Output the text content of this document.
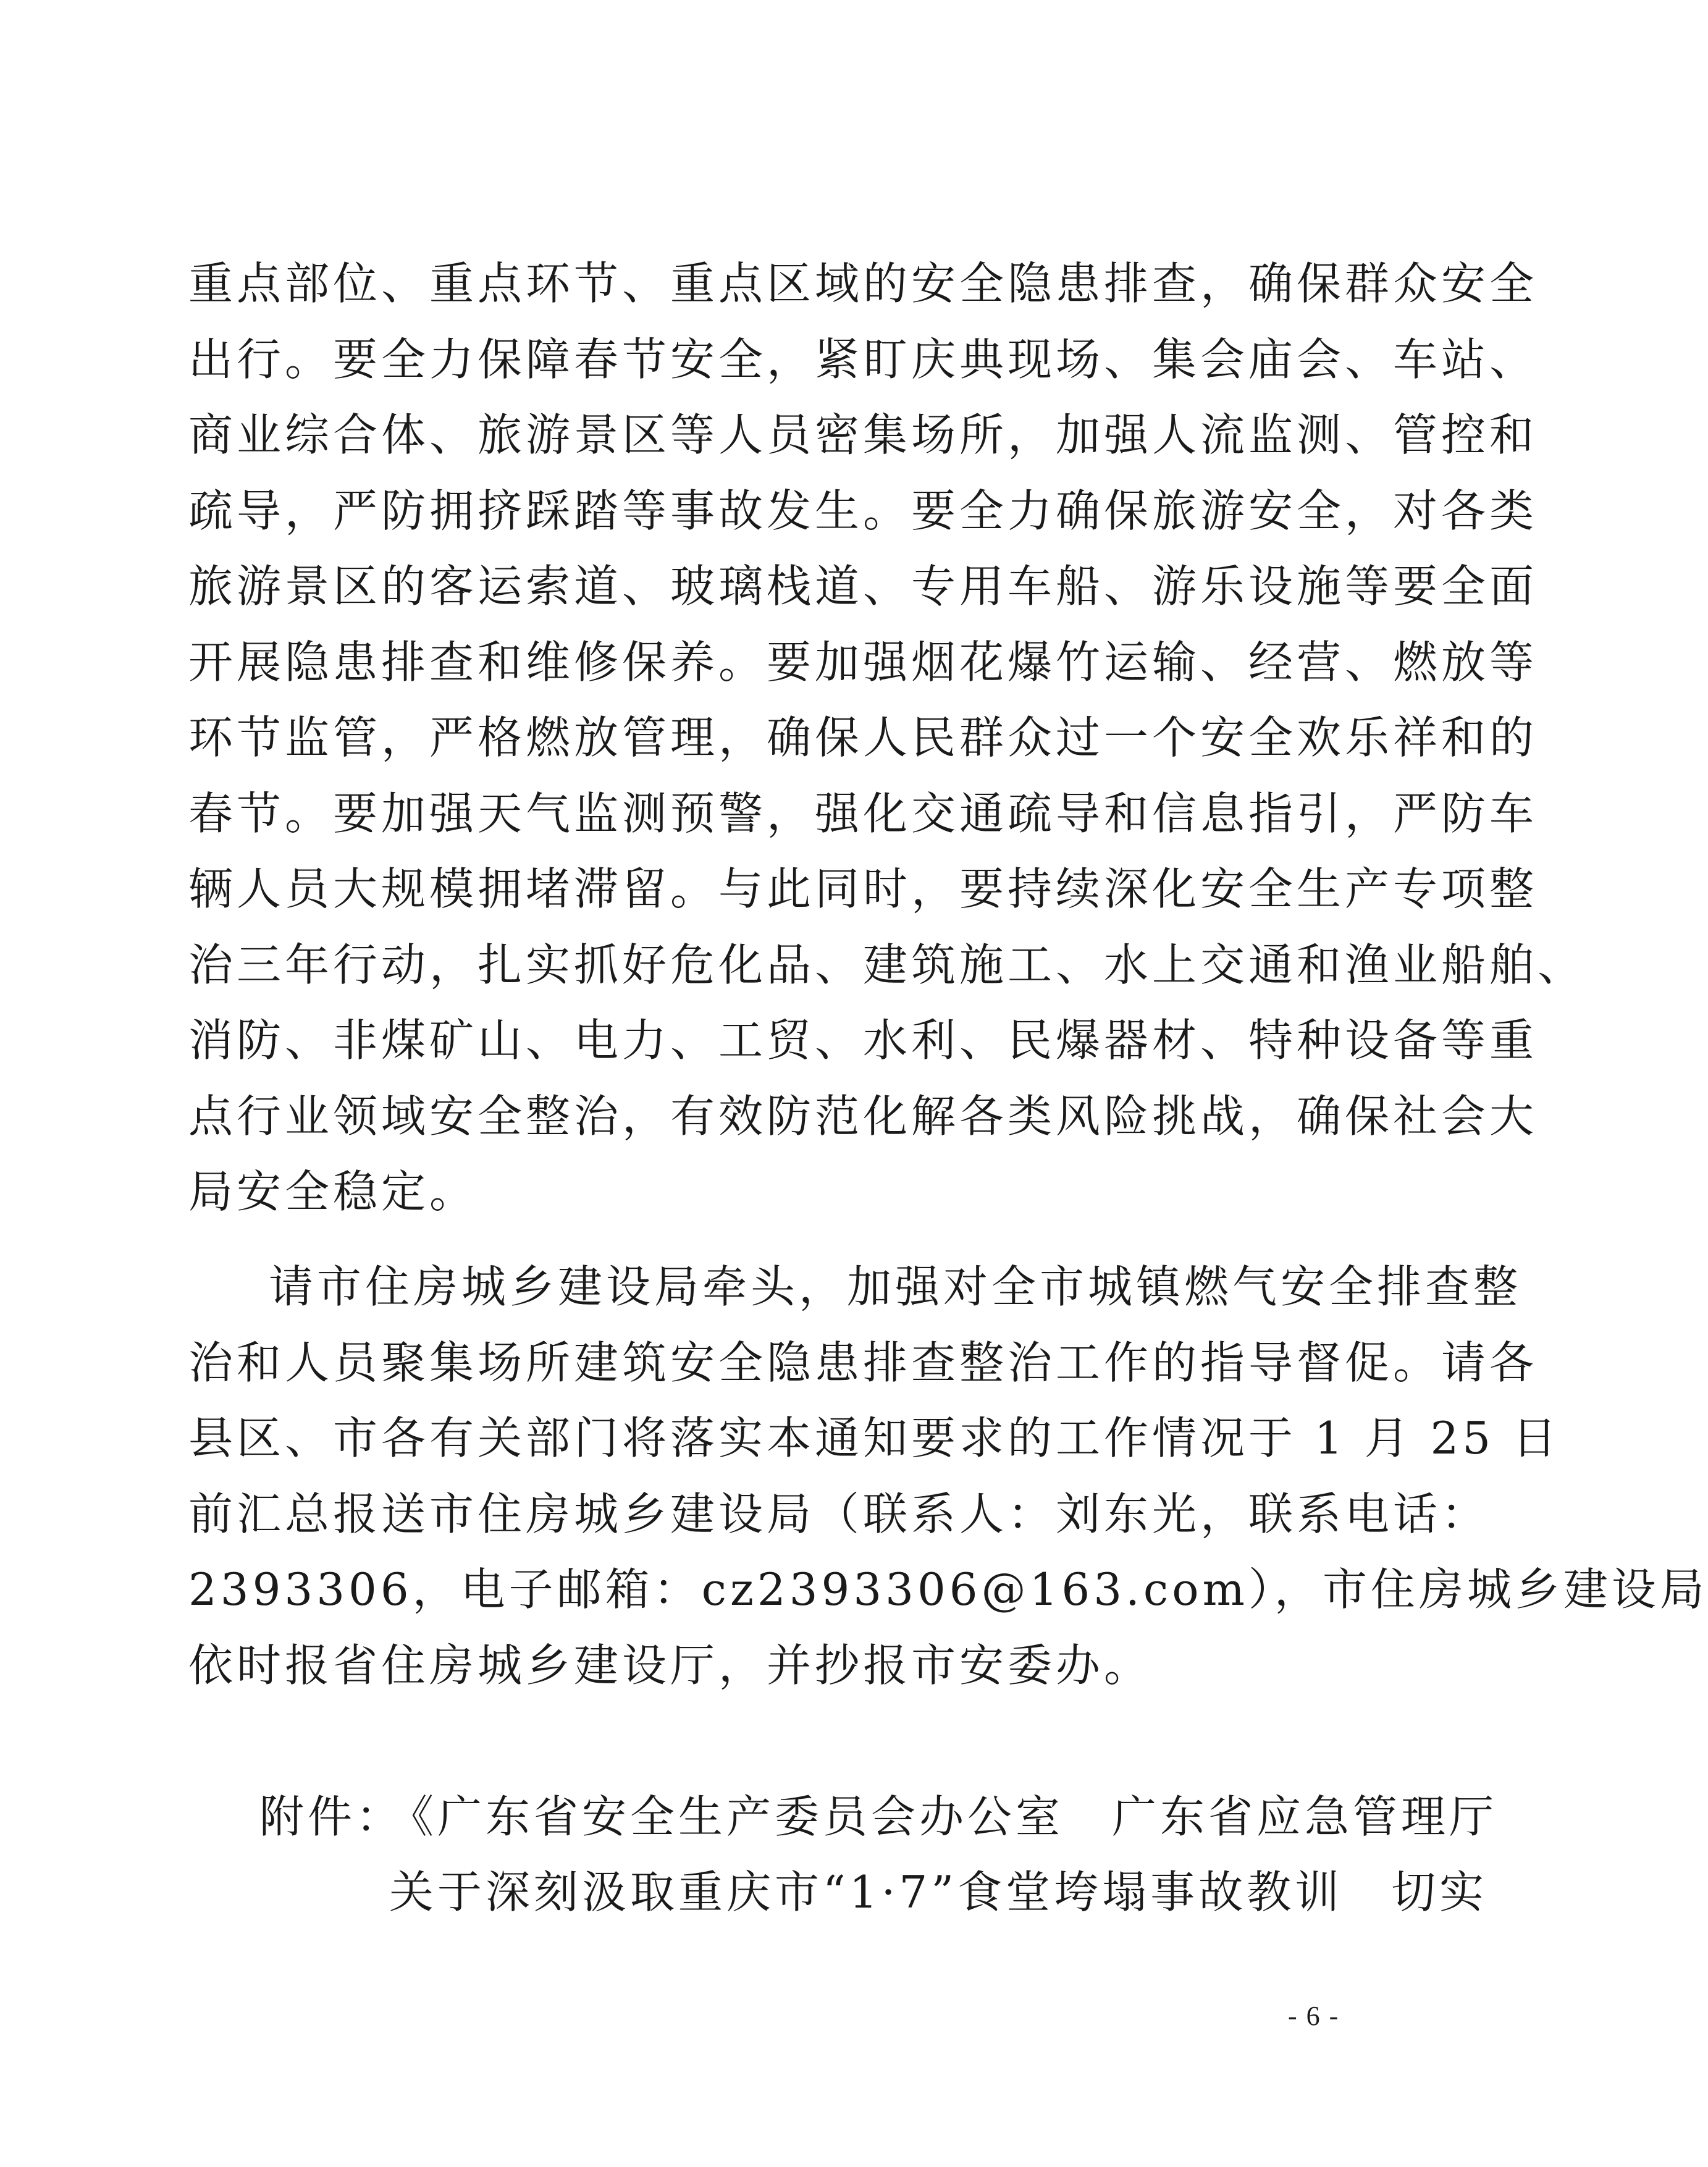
重点部位、重点环节、重点区域的安全隐患排查，确保群众安全
出行。要全力保障春节安全，紧盯庆典现场、集会庙会、车站、
商业综合体、旅游景区等人员密集场所，加强人流监测、管控和
疏导，严防拥挤踩踏等事故发生。要全力确保旅游安全，对各类
旅游景区的客运索道、玻璃栈道、专用车船、游乐设施等要全面
开展隐患排查和维修保养。要加强烟花爆竹运输、经营、燃放等
环节监管，严格燃放管理，确保人民群众过一个安全欢乐祥和的
春节。要加强天气监测预警，强化交通疏导和信息指引，严防车
辆人员大规模拥堵滞留。与此同时，要持续深化安全生产专项整
治三年行动，扎实抓好危化品、建筑施工、水上交通和渔业船舶、
消防、非煤矿山、电力、工贸、水利、民爆器材、特种设备等重
点行业领域安全整治，有效防范化解各类风险挑战，确保社会大
局安全稳定。
请市住房城乡建设局牵头，加强对全市城镇燃气安全排查整
治和人员聚集场所建筑安全隐患排查整治工作的指导督促。请各
县区、市各有关部门将落实本通知要求的工作情况于 1 月 25 日
前汇总报送市住房城乡建设局（联系人：刘东光，联系电话：
2393306，电子邮箱：cz2393306@163.com），市住房城乡建设局
依时报省住房城乡建设厅，并抄报市安委办。
附件：
《广东省安全生产委员会办公室　广东省应急管理厅
关于深刻汲取重庆市“1·7”食堂垮塌事故教训　切实
- 6 -
